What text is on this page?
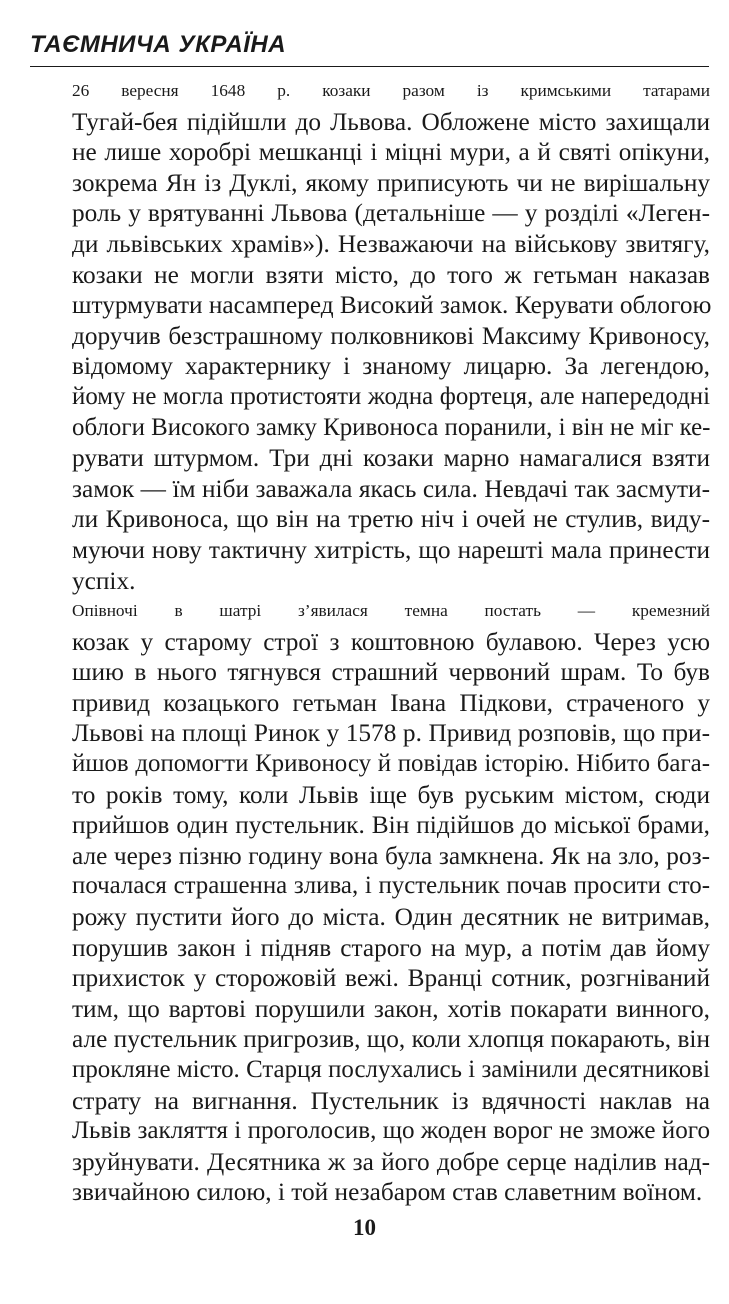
ТАЄМНИЧА УКРАЇНА

26 вересня 1648 р. козаки разом із кримськими татарами
Тугай-бея підійшли до Львова. Обложене місто захищали
не лише хоробрі мешканці і міцні мури, а й святі опікуни,
зокрема Ян із Дуклі, якому приписують чи не вирішальну
роль у врятуванні Львова (детальніше — у розділі «Леген-
ди львівських храмів»). Незважаючи на військову звитягу,
козаки не могли взяти місто, до того ж гетьман наказав
штурмувати насамперед Високий замок. Керувати облогою
доручив безстрашному полковникові Максиму Кривоносу,
відомому характернику і знаному лицарю. За легендою,
йому не могла протистояти жодна фортеця, але напередодні
облоги Високого замку Кривоноса поранили, і він не міг ке-
рувати штурмом. Три дні козаки марно намагалися взяти
замок — їм ніби заважала якась сила. Невдачі так засмути-
ли Кривоноса, що він на третю ніч і очей не стулив, виду-
муючи нову тактичну хитрість, що нарешті мала принести
успіх.

Опівночі в шатрі з’явилася темна постать — кремезний
козак у старому строї з коштовною булавою. Через усю
шию в нього тягнувся страшний червоний шрам. То був
привид козацького гетьман Івана Підкови, страченого у
Львові на площі Ринок у 1578 р. Привид розповів, що при-
йшов допомогти Кривоносу й повідав історію. Нібито бага-
то років тому, коли Львів іще був руським містом, сюди
прийшов один пустельник. Він підійшов до міської брами,
але через пізню годину вона була замкнена. Як на зло, роз-
почалася страшенна злива, і пустельник почав просити сто-
рожу пустити його до міста. Один десятник не витримав,
порушив закон і підняв старого на мур, а потім дав йому
прихисток у сторожовій вежі. Вранці сотник, розгніваний
тим, що вартові порушили закон, хотів покарати винного,
але пустельник пригрозив, що, коли хлопця покарають, він
прокляне місто. Старця послухались і замінили десятникові
страту на вигнання. Пустельник із вдячності наклав на
Львів закляття і проголосив, що жоден ворог не зможе його
зруйнувати. Десятника ж за його добре серце наділив над-
звичайною силою, і той незабаром став славетним воїном.

10
